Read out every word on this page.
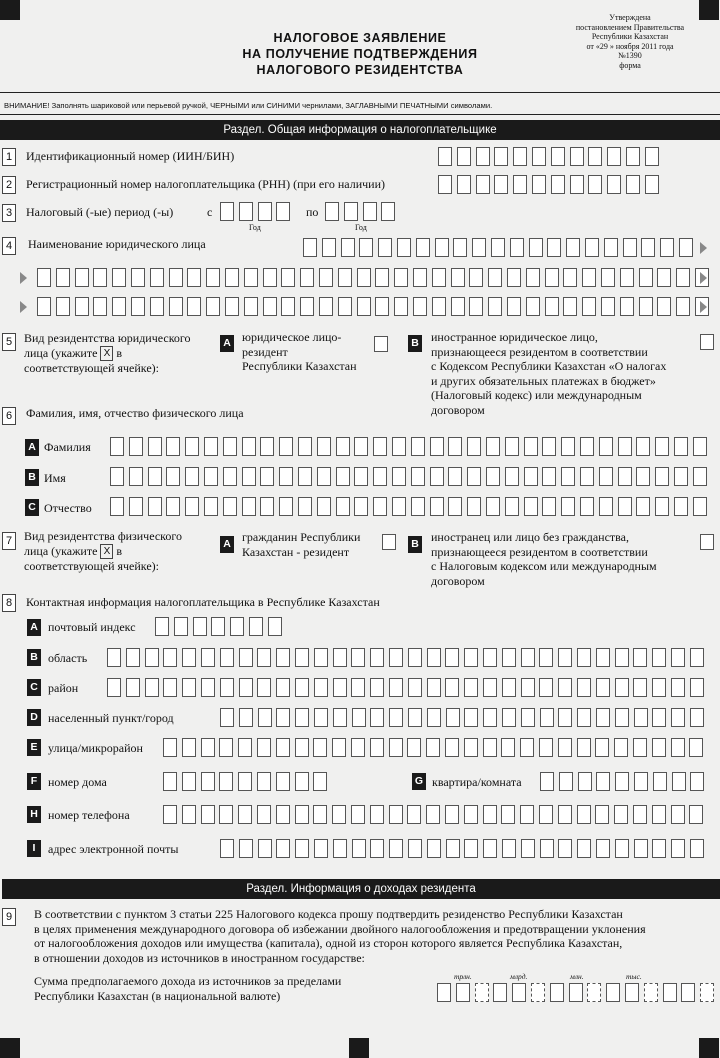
НАЛОГОВОЕ ЗАЯВЛЕНИЕ
НА ПОЛУЧЕНИЕ ПОДТВЕРЖДЕНИЯ
НАЛОГОВОГО РЕЗИДЕНТСТВА
Утверждена
постановлением Правительства
Республики Казахстан
от «29 » ноября 2011 года
№1390
форма
ВНИМАНИЕ! Заполнять шариковой или перьевой ручкой, ЧЕРНЫМИ или СИНИМИ чернилами, ЗАГЛАВНЫМИ ПЕЧАТНЫМИ символами.
Раздел. Общая информация о налогоплательщике
1	Идентификационный номер (ИИН/БИН)
2	Регистрационный номер налогоплательщика (РНН) (при его наличии)
3	Налоговый (-ые) период (-ы)	с
Год
по
Год
4	Наименование юридического лица
5 Вид резидентства юридического
лица (укажите X в
соответствующей ячейке):
A юридическое лицо-
резидент
Республики Казахстан
B иностранное юридическое лицо,
признающееся резидентом в соответствии
с Кодексом Республики Казахстан «О налогах
и других обязательных платежах в бюджет»
(Налоговый кодекс) или международным
договором
6	Фамилия, имя, отчество физического лица
A Фамилия
B Имя
C Отчество
7 Вид резидентства физического
лица (укажите X в
соответствующей ячейке):
A гражданин Республики
Казахстан - резидент
B иностранец или лицо без гражданства,
признающееся резидентом в соответствии
с Налоговым кодексом или международным
договором
8	Контактная информация налогоплательщика в Республике Казахстан
A почтовый индекс
B область
C район
D населенный пункт/город
E улица/микрорайон
F номер дома	G квартира/комната
H номер телефона
I	адрес электронной почты
Раздел. Информация о доходах резидента
9	В соответствии с пунктом 3 статьи 225 Налогового кодекса прошу подтвердить резиденство Республики Казахстан
в целях применения международного договора об избежании двойного налогообложения и предотвращении уклонения
от налогообложения доходов или имущества (капитала), одной из сторон которого является Республика Казахстан,
в отношении доходов из источников в иностранном государстве:
Сумма предполагаемого дохода из источников за пределами
Республики Казахстан (в национальной валюте)
трлн.	млрд.	млн.	тыс.
